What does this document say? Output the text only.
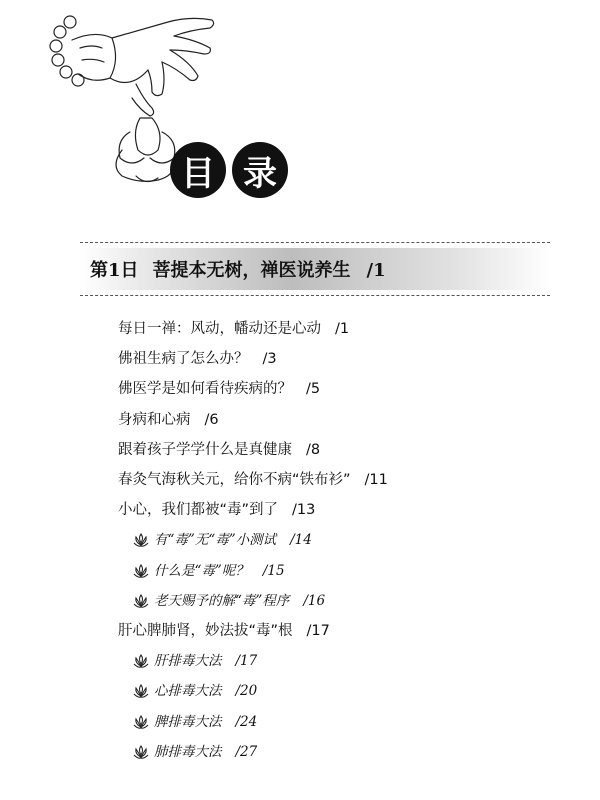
目 录
第1日 菩提本无树，禅医说养生 /1
每日一禅：风动，幡动还是心动 /1
佛祖生病了怎么办？ /3
佛医学是如何看待疾病的？ /5
身病和心病 /6
跟着孩子学学什么是真健康 /8
春灸气海秋关元，给你不病“铁布衫” /11
小心，我们都被“毒”到了 /13
有“毒”无“毒”小测试 /14
什么是“毒”呢？ /15
老天赐予的解“毒”程序 /16
肝心脾肺肾，妙法拔“毒”根 /17
肝排毒大法 /17
心排毒大法 /20
脾排毒大法 /24
肺排毒大法 /27
